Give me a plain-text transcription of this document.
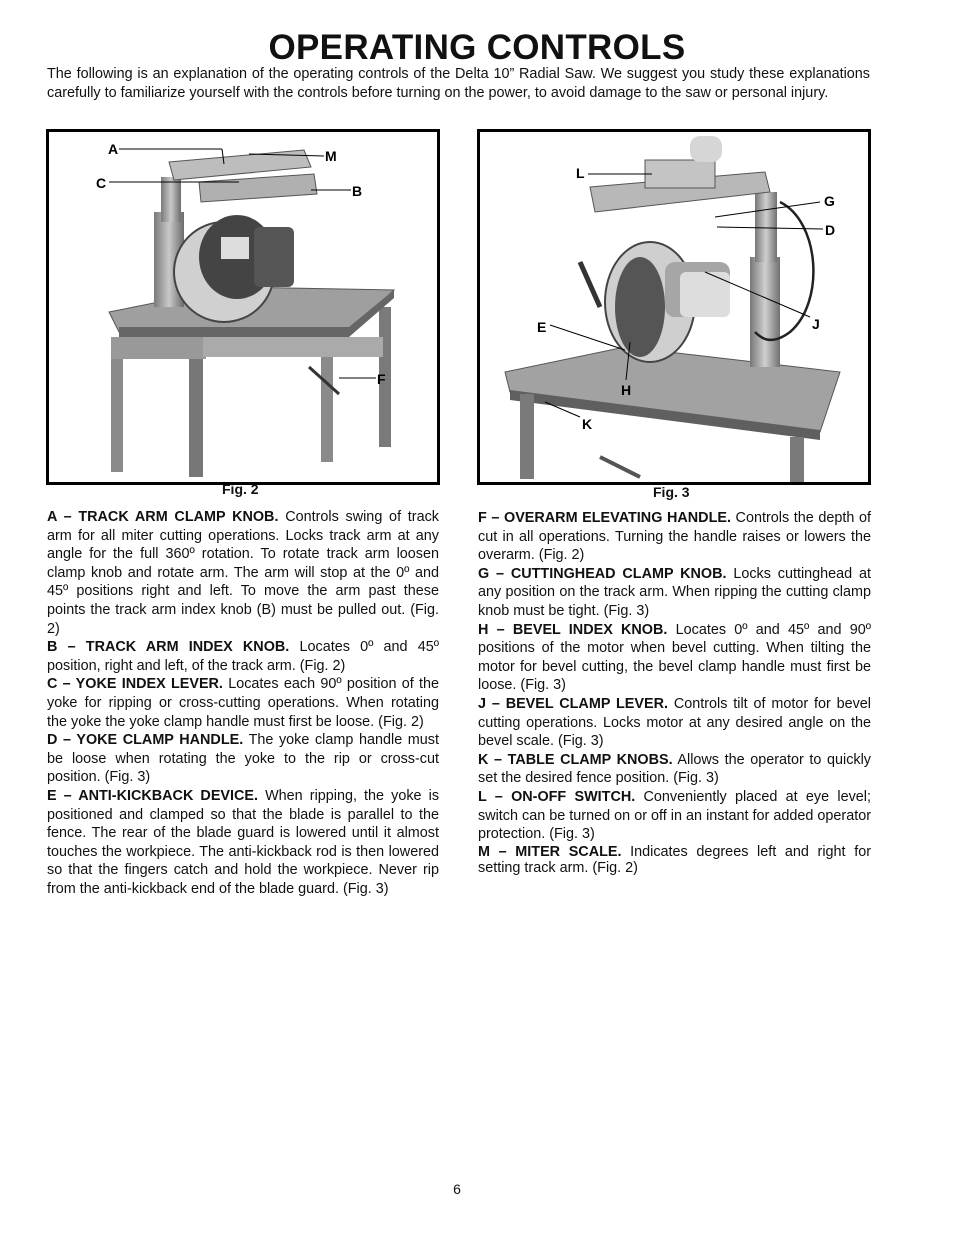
OPERATING CONTROLS

The following is an explanation of the operating controls of the Delta 10” Radial Saw. We suggest you study these explanations carefully to familiarize yourself with the controls before turning on the power, to avoid damage to the saw or personal injury.

A	M
C	B
F
Fig. 2
L
G
D
E	J
H
K
Fig. 3

A – TRACK ARM CLAMP KNOB. Controls swing of track arm for all miter cutting operations. Locks track arm at any angle for the full 360º rotation. To rotate track arm loosen clamp knob and rotate arm. The arm will stop at the 0º and 45º positions right and left. To move the arm past these points the track arm index knob (B) must be pulled out. (Fig. 2)

B – TRACK ARM INDEX KNOB. Locates 0º and 45º position, right and left, of the track arm. (Fig. 2)

C – YOKE INDEX LEVER. Locates each 90º position of the yoke for ripping or cross-cutting operations. When rotating the yoke the yoke clamp handle must first be loose. (Fig. 2)

D – YOKE CLAMP HANDLE. The yoke clamp handle must be loose when rotating the yoke to the rip or cross-cut position. (Fig. 3)

E – ANTI-KICKBACK DEVICE. When ripping, the yoke is positioned and clamped so that the blade is parallel to the fence. The rear of the blade guard is lowered until it almost touches the workpiece. The anti-kickback rod is then lowered so that the fingers catch and hold the workpiece. Never rip from the anti-kickback end of the blade guard. (Fig. 3)

F – OVERARM ELEVATING HANDLE. Controls the depth of cut in all operations. Turning the handle raises or lowers the overarm. (Fig. 2)

G – CUTTINGHEAD CLAMP KNOB. Locks cuttinghead at any position on the track arm. When ripping the cutting clamp knob must be tight. (Fig. 3)

H – BEVEL INDEX KNOB. Locates 0º and 45º and 90º positions of the motor when bevel cutting. When tilting the motor for bevel cutting, the bevel clamp handle must first be loose. (Fig. 3)

J – BEVEL CLAMP LEVER. Controls tilt of motor for bevel cutting operations. Locks motor at any desired angle on the bevel scale. (Fig. 3)

K – TABLE CLAMP KNOBS. Allows the operator to quickly set the desired fence position. (Fig. 3)

L – ON-OFF SWITCH. Conveniently placed at eye level; switch can be turned on or off in an instant for added operator protection. (Fig. 3)

M – MITER SCALE. Indicates degrees left and right for setting track arm. (Fig. 2)

6
